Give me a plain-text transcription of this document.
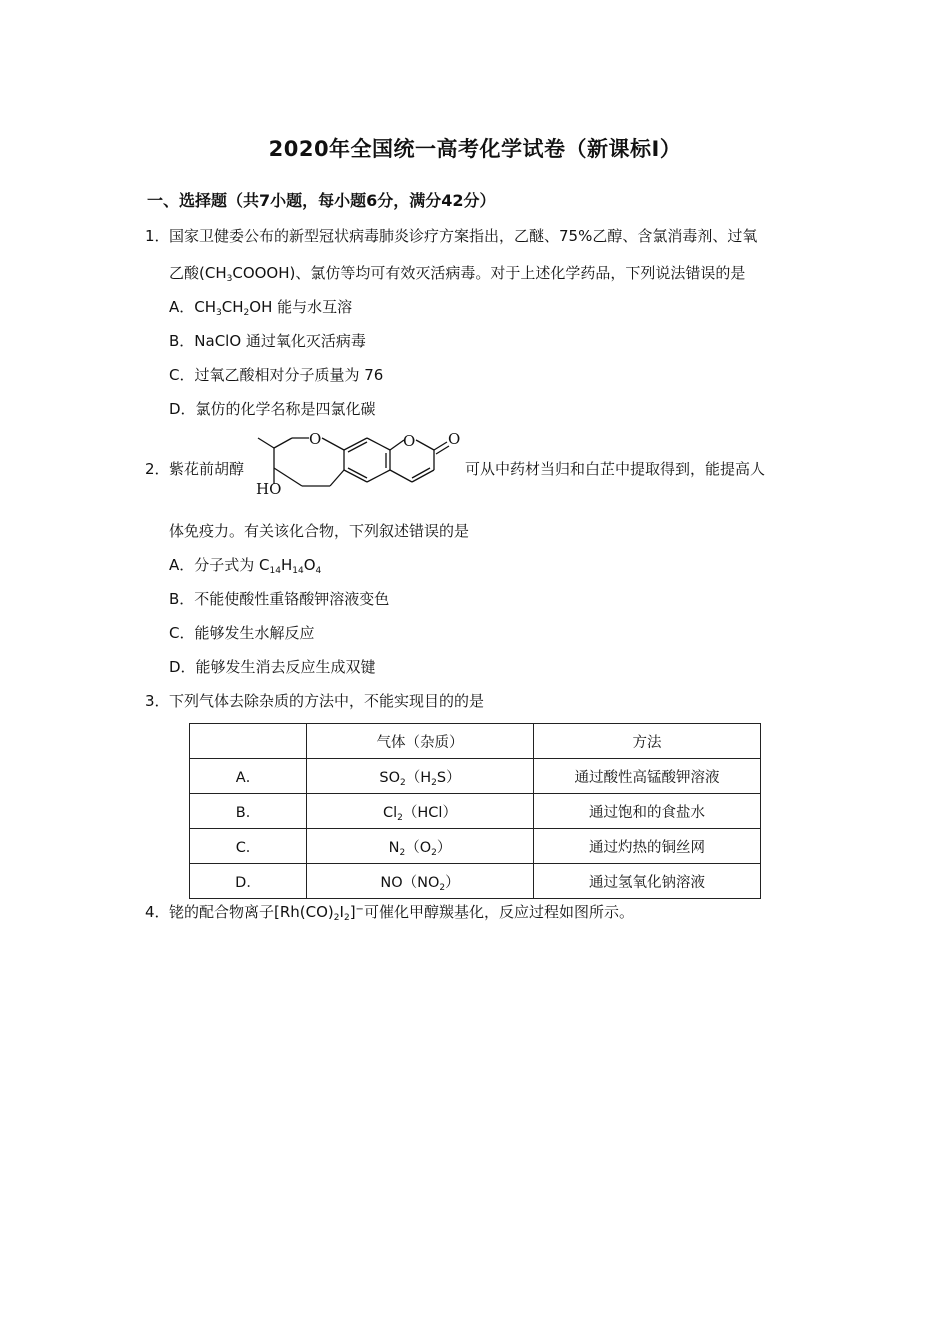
2020年全国统一高考化学试卷（新课标Ⅰ）
一、选择题（共7小题，每小题6分，满分42分）
1． 国家卫健委公布的新型冠状病毒肺炎诊疗方案指出，乙醚、75%乙醇、含氯消毒剂、过氧
乙酸$(CH_3COOOH)$、氯仿等均可有效灭活病毒。对于上述化学药品，下列说法错误的是
A．$CH_3CH_2OH$ 能与水互溶
B．NaClO 通过氧化灭活病毒
C．过氧乙酸相对分子质量为 76
D．氯仿的化学名称是四氯化碳
2． 紫花前胡醇
O	O O
HO
可从中药材当归和白芷中提取得到，能提高人
体免疫力。有关该化合物，下列叙述错误的是
A．分子式为 $C_{14}H_{14}O_4$
B．不能使酸性重铬酸钾溶液变色
C．能够发生水解反应
D．能够发生消去反应生成双键
3． 下列气体去除杂质的方法中，不能实现目的的是
	气体（杂质）	方法
A．	$SO_2(H_2S)$	通过酸性高锰酸钾溶液
B．	$Cl_2(HCl)$	通过饱和的食盐水
C．	$N_2(O_2)$	通过灼热的铜丝网
D．	$NO(NO_2)$	通过氢氧化钠溶液
4． 铑的配合物离子$[Rh(CO)_2I_2]^-$可催化甲醇羰基化，反应过程如图所示。
